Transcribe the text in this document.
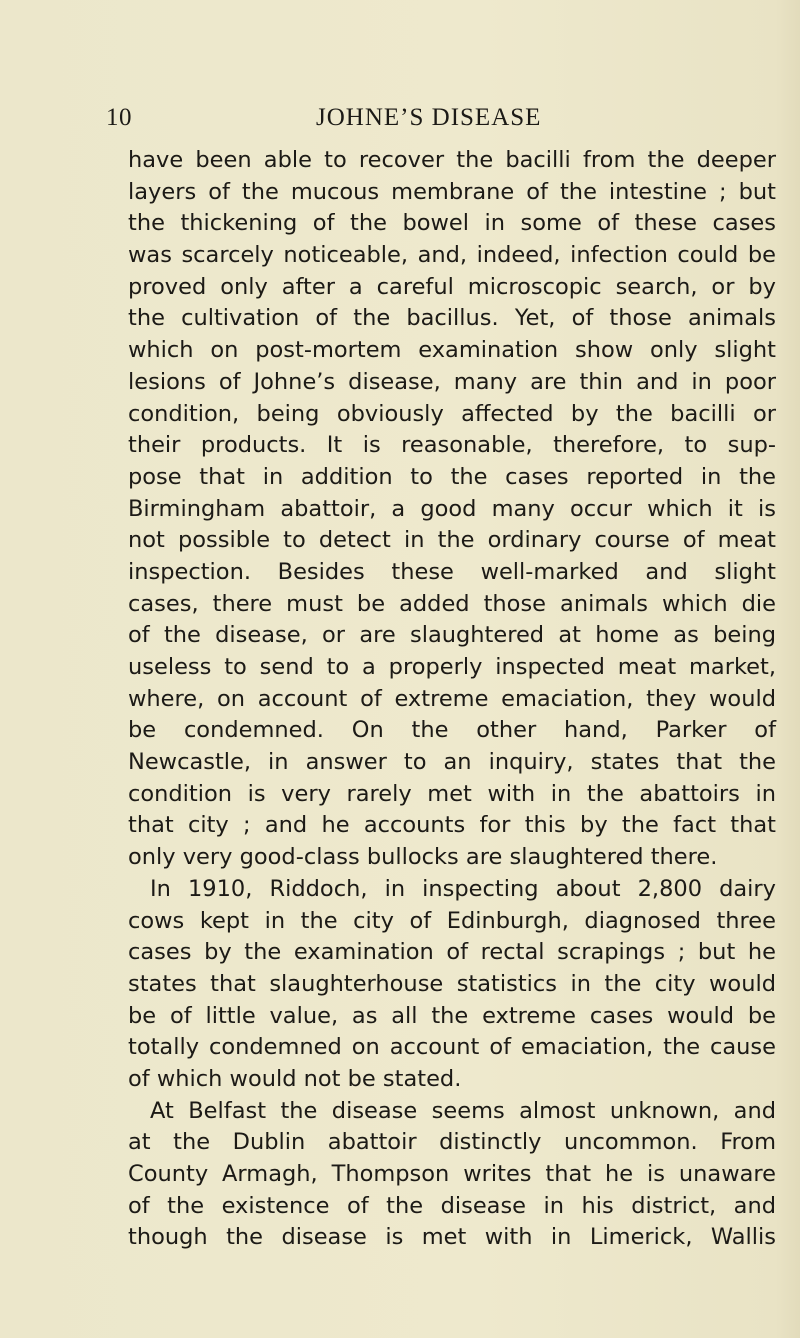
10	JOHNE’S DISEASE
have been able to recover the bacilli from the deeper
layers of the mucous membrane of the intestine ; but
the thickening of the bowel in some of these cases
was scarcely noticeable, and, indeed, infection could be
proved only after a careful microscopic search, or by
the cultivation of the bacillus. Yet, of those animals
which on post-mortem examination show only slight
lesions of Johne’s disease, many are thin and in poor
condition, being obviously affected by the bacilli or
their products. It is reasonable, therefore, to sup-
pose that in addition to the cases reported in the
Birmingham abattoir, a good many occur which it is
not possible to detect in the ordinary course of meat
inspection. Besides these well-marked and slight
cases, there must be added those animals which die
of the disease, or are slaughtered at home as being
useless to send to a properly inspected meat market,
where, on account of extreme emaciation, they would
be condemned. On the other hand, Parker of
Newcastle, in answer to an inquiry, states that the
condition is very rarely met with in the abattoirs in
that city ; and he accounts for this by the fact that
only very good-class bullocks are slaughtered there.
In 1910, Riddoch, in inspecting about 2,800 dairy
cows kept in the city of Edinburgh, diagnosed three
cases by the examination of rectal scrapings ; but he
states that slaughterhouse statistics in the city would
be of little value, as all the extreme cases would be
totally condemned on account of emaciation, the cause
of which would not be stated.
At Belfast the disease seems almost unknown, and
at the Dublin abattoir distinctly uncommon. From
County Armagh, Thompson writes that he is unaware
of the existence of the disease in his district, and
though the disease is met with in Limerick, Wallis
